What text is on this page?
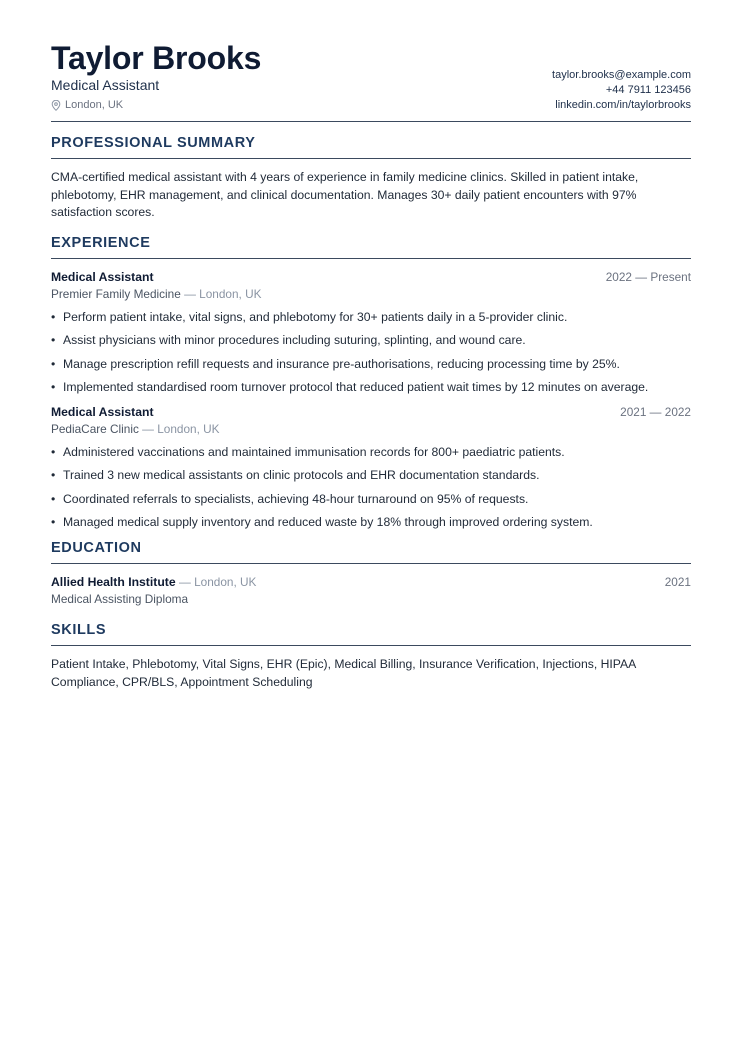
Taylor Brooks
Medical Assistant
London, UK
taylor.brooks@example.com
+44 7911 123456
linkedin.com/in/taylorbrooks
PROFESSIONAL SUMMARY
CMA-certified medical assistant with 4 years of experience in family medicine clinics. Skilled in patient intake, phlebotomy, EHR management, and clinical documentation. Manages 30+ daily patient encounters with 97% satisfaction scores.
EXPERIENCE
Medical Assistant	2022 — Present
Premier Family Medicine — London, UK
• Perform patient intake, vital signs, and phlebotomy for 30+ patients daily in a 5-provider clinic.
• Assist physicians with minor procedures including suturing, splinting, and wound care.
• Manage prescription refill requests and insurance pre-authorisations, reducing processing time by 25%.
• Implemented standardised room turnover protocol that reduced patient wait times by 12 minutes on average.
Medical Assistant	2021 — 2022
PediaCare Clinic — London, UK
• Administered vaccinations and maintained immunisation records for 800+ paediatric patients.
• Trained 3 new medical assistants on clinic protocols and EHR documentation standards.
• Coordinated referrals to specialists, achieving 48-hour turnaround on 95% of requests.
• Managed medical supply inventory and reduced waste by 18% through improved ordering system.
EDUCATION
Allied Health Institute — London, UK	2021
Medical Assisting Diploma
SKILLS
Patient Intake, Phlebotomy, Vital Signs, EHR (Epic), Medical Billing, Insurance Verification, Injections, HIPAA Compliance, CPR/BLS, Appointment Scheduling
